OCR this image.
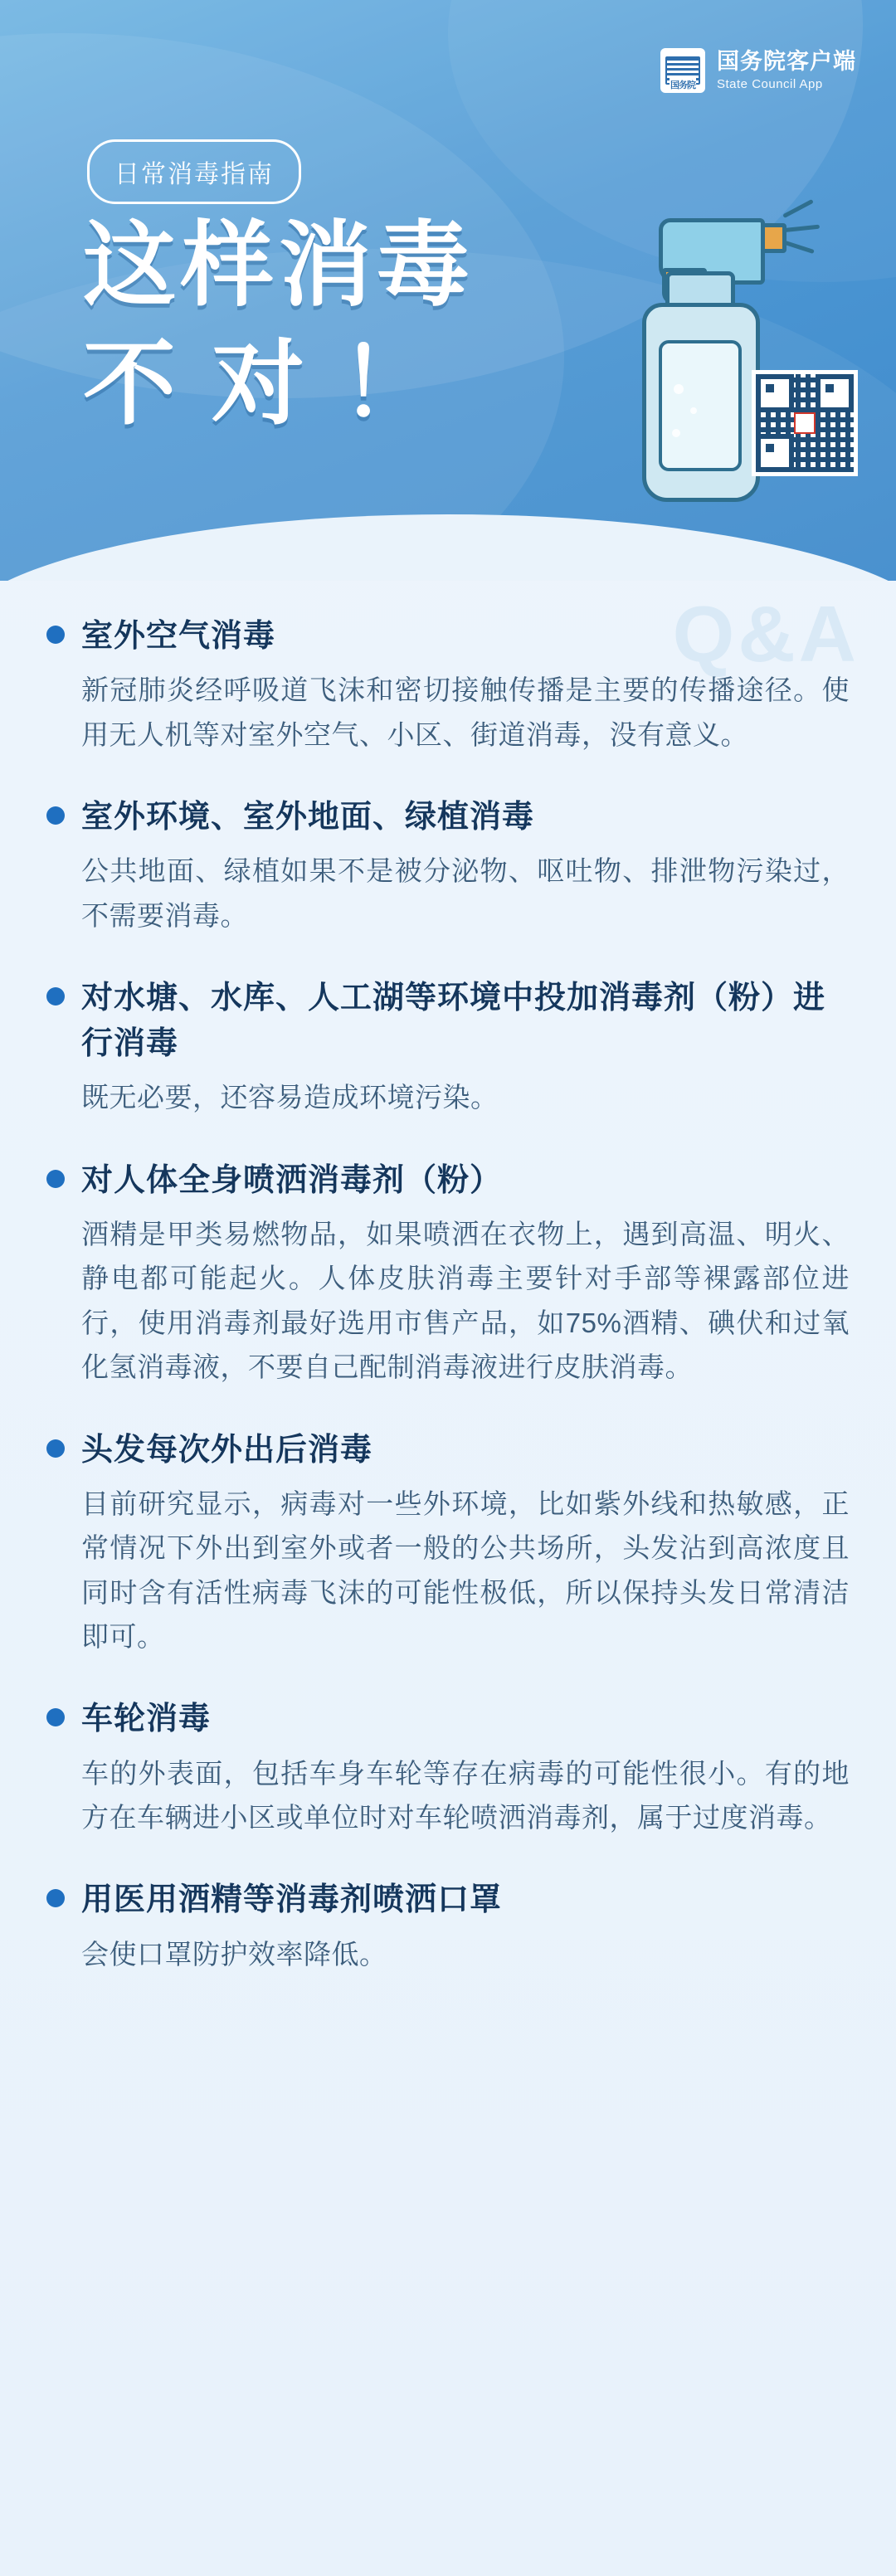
国务院
国务院客户端
State Council App
日常消毒指南
这样消毒
不 对 ！
Q&A
室外空气消毒
新冠肺炎经呼吸道飞沫和密切接触传播是主要的传播途径。使用无人机等对室外空气、小区、街道消毒，没有意义。
室外环境、室外地面、绿植消毒
公共地面、绿植如果不是被分泌物、呕吐物、排泄物污染过，不需要消毒。
对水塘、水库、人工湖等环境中投加消毒剂（粉）进行消毒
既无必要，还容易造成环境污染。
对人体全身喷洒消毒剂（粉）
酒精是甲类易燃物品，如果喷洒在衣物上，遇到高温、明火、静电都可能起火。人体皮肤消毒主要针对手部等裸露部位进行，使用消毒剂最好选用市售产品，如75%酒精、碘伏和过氧化氢消毒液，不要自己配制消毒液进行皮肤消毒。
头发每次外出后消毒
目前研究显示，病毒对一些外环境，比如紫外线和热敏感，正常情况下外出到室外或者一般的公共场所，头发沾到高浓度且同时含有活性病毒飞沫的可能性极低，所以保持头发日常清洁即可。
车轮消毒
车的外表面，包括车身车轮等存在病毒的可能性很小。有的地方在车辆进小区或单位时对车轮喷洒消毒剂，属于过度消毒。
用医用酒精等消毒剂喷洒口罩
会使口罩防护效率降低。
